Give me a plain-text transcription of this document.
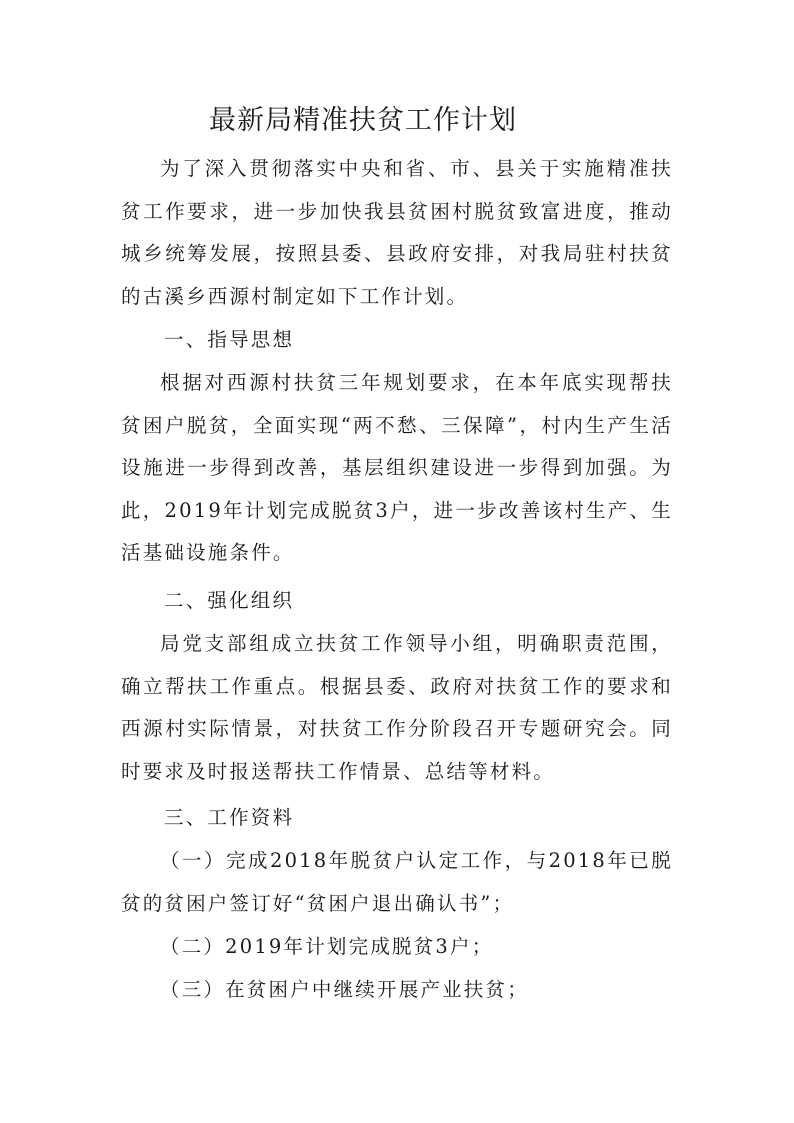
最新局精准扶贫工作计划

为了深入贯彻落实中央和省、市、县关于实施精准扶贫工作要求，进一步加快我县贫困村脱贫致富进度，推动城乡统筹发展，按照县委、县政府安排，对我局驻村扶贫的古溪乡西源村制定如下工作计划。

一、指导思想

根据对西源村扶贫三年规划要求，在本年底实现帮扶贫困户脱贫，全面实现“两不愁、三保障”，村内生产生活设施进一步得到改善，基层组织建设进一步得到加强。为此，2019年计划完成脱贫3户，进一步改善该村生产、生活基础设施条件。

二、强化组织

局党支部组成立扶贫工作领导小组，明确职责范围，确立帮扶工作重点。根据县委、政府对扶贫工作的要求和西源村实际情景，对扶贫工作分阶段召开专题研究会。同时要求及时报送帮扶工作情景、总结等材料。

三、工作资料

（一）完成2018年脱贫户认定工作，与2018年已脱贫的贫困户签订好“贫困户退出确认书”；

（二）2019年计划完成脱贫3户；

（三）在贫困户中继续开展产业扶贫；
